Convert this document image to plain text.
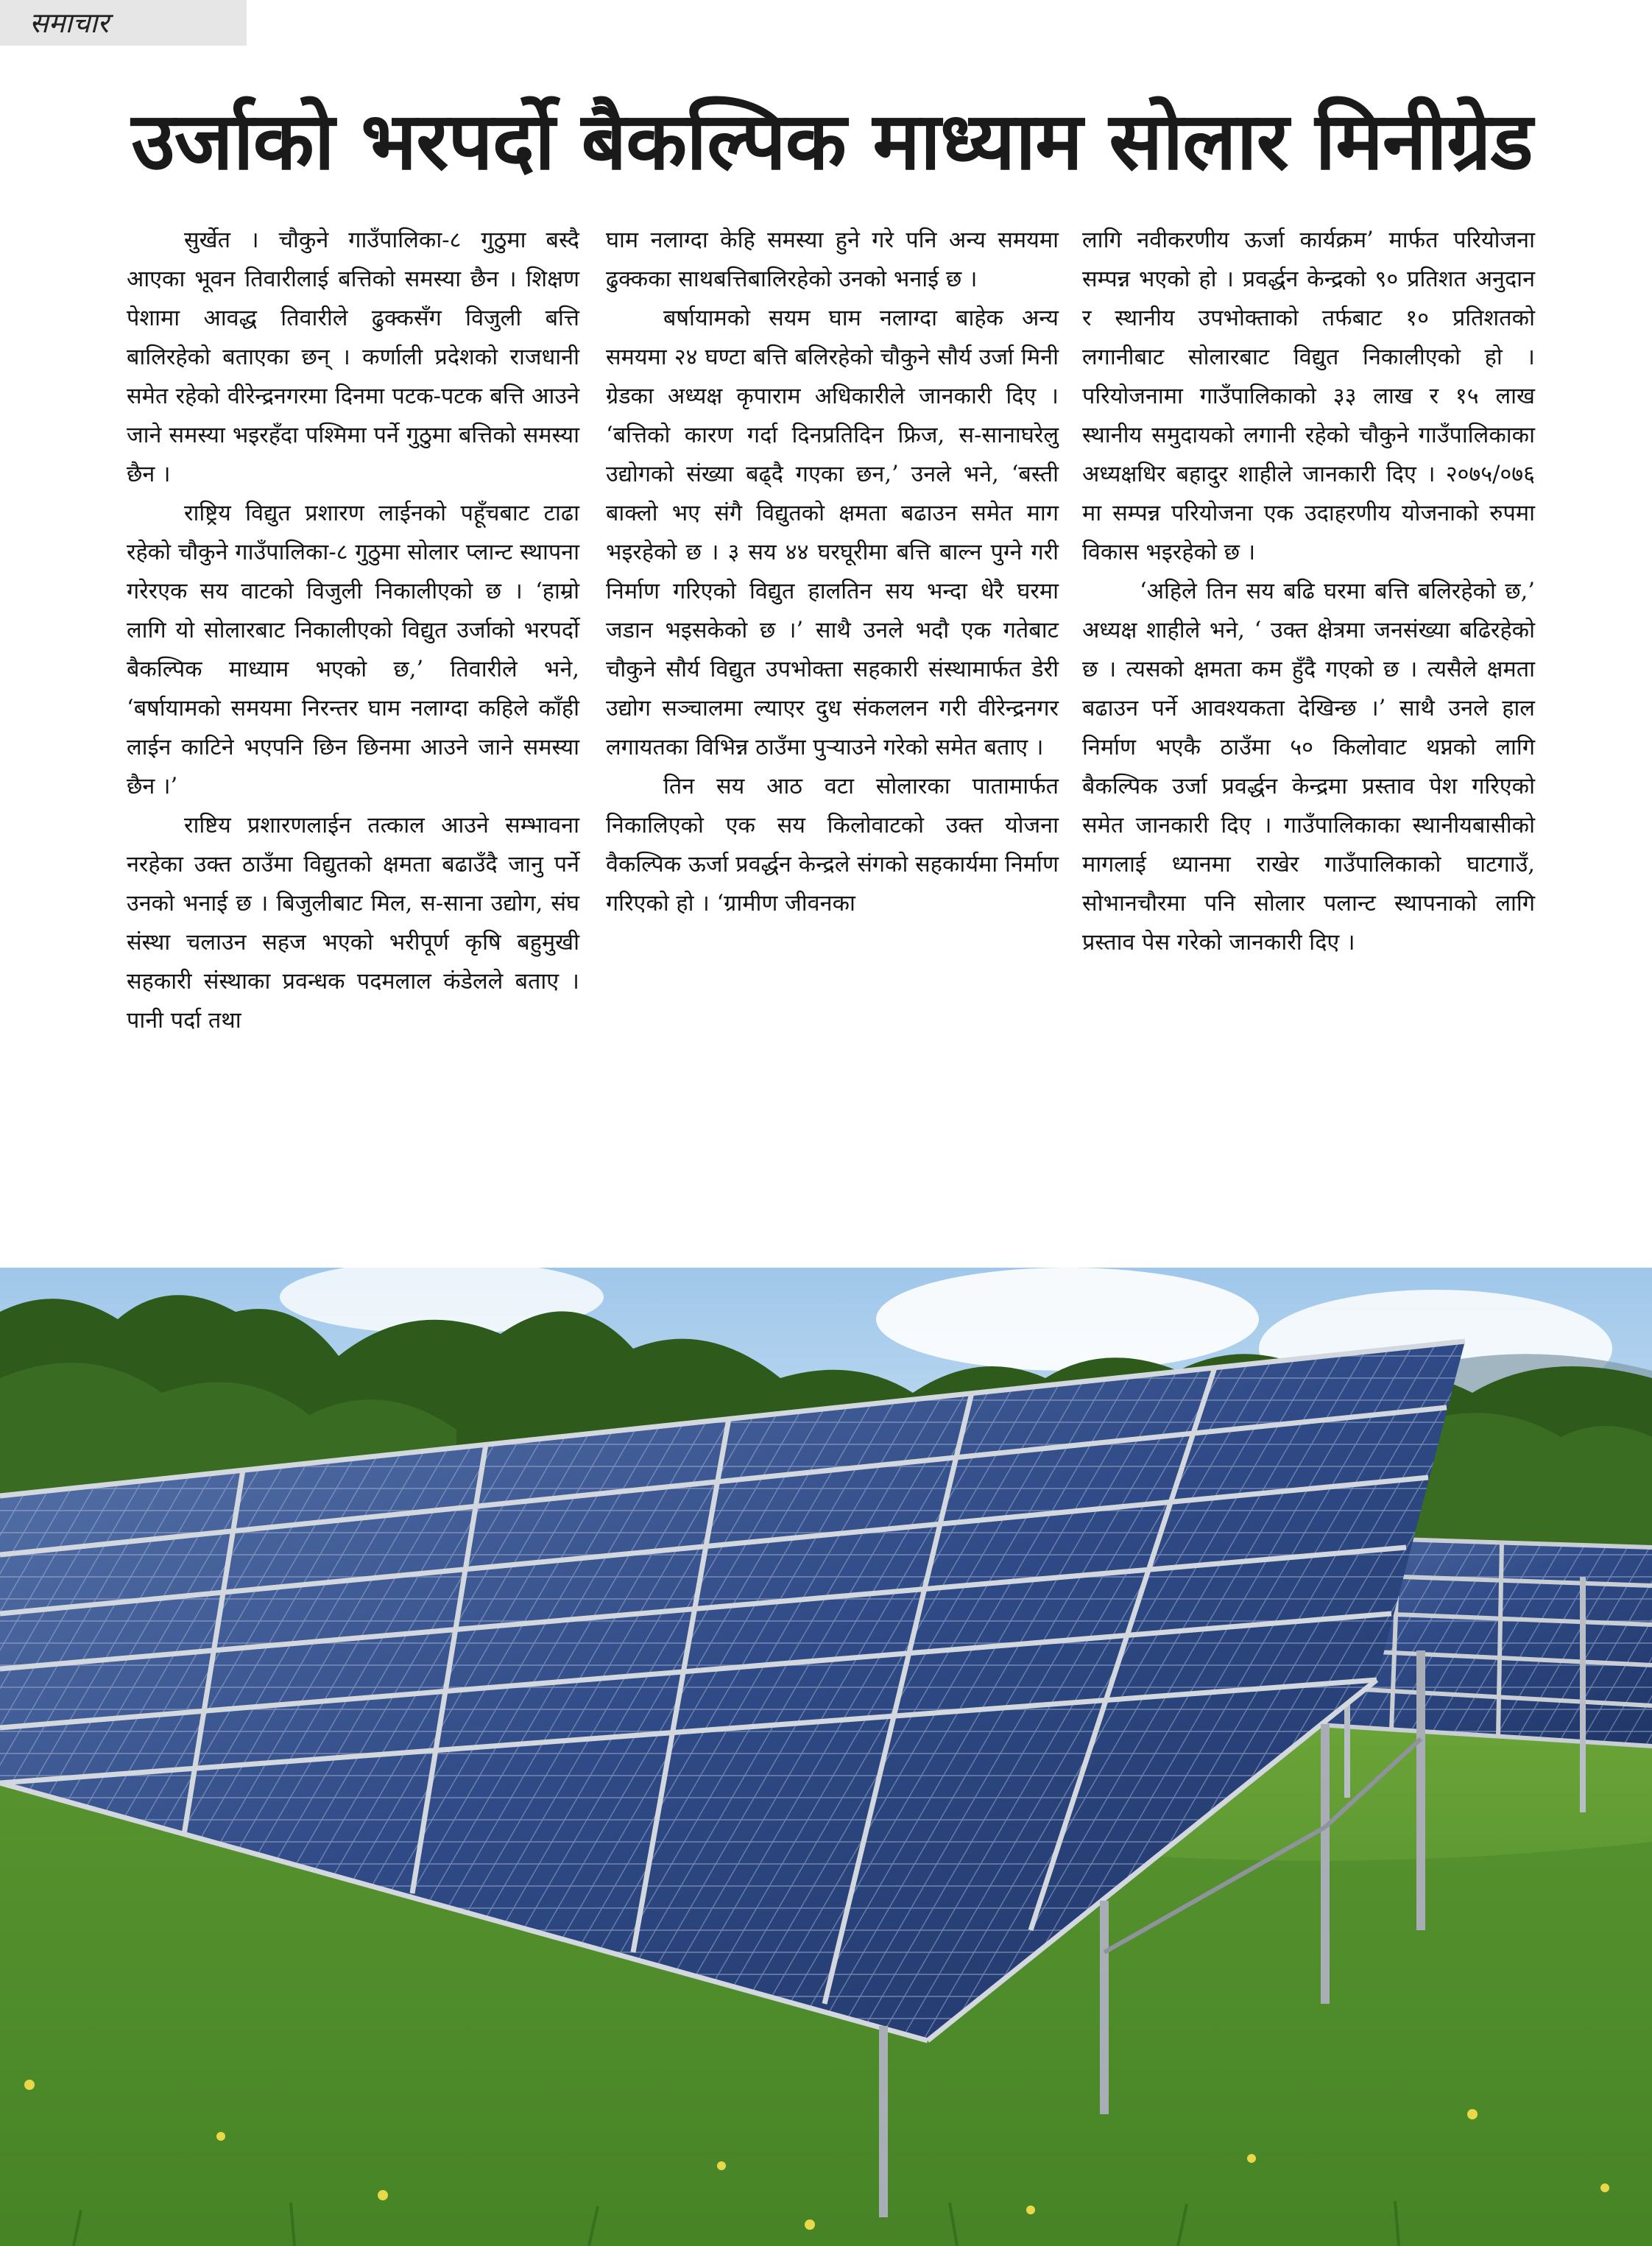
समाचार
उर्जाको भरपर्दो बैकल्पिक माध्याम सोलार मिनीग्रेड

सुर्खेत । चौकुने गाउँपालिका-८ गुठुमा बस्दै आएका भूवन तिवारीलाई बत्तिको समस्या छैन । शिक्षण पेशामा आवद्ध तिवारीले ढुक्कसँग विजुली बत्ति बालिरहेको बताएका छन् । कर्णाली प्रदेशको राजधानी समेत रहेको वीरेन्द्रनगरमा दिनमा पटक-पटक बत्ति आउने जाने समस्या भइरहँदा पश्मिमा पर्ने गुठुमा बत्तिको समस्या छैन ।

राष्ट्रिय विद्युत प्रशारण लाईनको पहूँचबाट टाढा रहेको चौकुने गाउँपालिका-८ गुठुमा सोलार प्लान्ट स्थापना गरेरएक सय वाटको विजुली निकालीएको छ । ‘हाम्रो लागि यो सोलारबाट निकालीएको विद्युत उर्जाको भरपर्दो बैकल्पिक माध्याम भएको छ,’ तिवारीले भने, ‘बर्षायामको समयमा निरन्तर घाम नलाग्दा कहिले काँही लाईन काटिने भएपनि छिन छिनमा आउने जाने समस्या छैन ।’

राष्टिय प्रशारणलाईन तत्काल आउने सम्भावना नरहेका उक्त ठाउँमा विद्युतको क्षमता बढाउँदै जानु पर्ने उनको भनाई छ । बिजुलीबाट मिल, स-साना उद्योग, संघ संस्था चलाउन सहज भएको भरीपूर्ण कृषि बहुमुखी सहकारी संस्थाका प्रवन्धक पदमलाल कंडेलले बताए । पानी पर्दा तथा

घाम नलाग्दा केहि समस्या हुने गरे पनि अन्य समयमा ढुक्कका साथबत्तिबालिरहेको उनको भनाई छ ।

बर्षायामको सयम घाम नलाग्दा बाहेक अन्य समयमा २४ घण्टा बत्ति बलिरहेको चौकुने सौर्य उर्जा मिनी ग्रेडका अध्यक्ष कृपाराम अधिकारीले जानकारी दिए । ‘बत्तिको कारण गर्दा दिनप्रतिदिन फ्रिज, स-सानाघरेलु उद्योगको संख्या बढ्दै गएका छन,’ उनले भने, ‘बस्ती बाक्लो भए संगै विद्युतको क्षमता बढाउन समेत माग भइरहेको छ । ३ सय ४४ घरघूरीमा बत्ति बाल्न पुग्ने गरी निर्माण गरिएको विद्युत हालतिन सय भन्दा धेरै घरमा जडान भइसकेको छ ।’ साथै उनले भदौ एक गतेबाट चौकुने सौर्य विद्युत उपभोक्ता सहकारी संस्थामार्फत डेरी उद्योग सञ्चालमा ल्याएर दुध संकललन गरी वीरेन्द्रनगर लगायतका विभिन्न ठाउँमा पुर्‍याउने गरेको समेत बताए ।

तिन सय आठ वटा सोलारका पातामार्फत निकालिएको एक सय किलोवाटको उक्त योजना वैकल्पिक ऊर्जा प्रवर्द्धन केन्द्रले संगको सहकार्यमा निर्माण गरिएको हो । ‘ग्रामीण जीवनका

लागि नवीकरणीय ऊर्जा कार्यक्रम’ मार्फत परियोजना सम्पन्न भएको हो । प्रवर्द्धन केन्द्रको ९० प्रतिशत अनुदान र स्थानीय उपभोक्ताको तर्फबाट १० प्रतिशतको लगानीबाट सोलारबाट विद्युत निकालीएको हो । परियोजनामा गाउँपालिकाको ३३ लाख र १५ लाख स्थानीय समुदायको लगानी रहेको चौकुने गाउँपालिकाका अध्यक्षधिर बहादुर शाहीले जानकारी दिए । २०७५/०७६ मा सम्पन्न परियोजना एक उदाहरणीय योजनाको रुपमा विकास भइरहेको छ ।

‘अहिले तिन सय बढि घरमा बत्ति बलिरहेको छ,’ अध्यक्ष शाहीले भने, ‘ उक्त क्षेत्रमा जनसंख्या बढिरहेको छ । त्यसको क्षमता कम हुँदै गएको छ । त्यसैले क्षमता बढाउन पर्ने आवश्यकता देखिन्छ ।’ साथै उनले हाल निर्माण भएकै ठाउँमा ५० किलोवाट थप्नको लागि बैकल्पिक उर्जा प्रवर्द्धन केन्द्रमा प्रस्ताव पेश गरिएको समेत जानकारी दिए । गाउँपालिकाका स्थानीयबासीको मागलाई ध्यानमा राखेर गाउँपालिकाको घाटगाउँ, सोभानचौरमा पनि सोलार पलान्ट स्थापनाको लागि प्रस्ताव पेस गरेको जानकारी दिए ।
